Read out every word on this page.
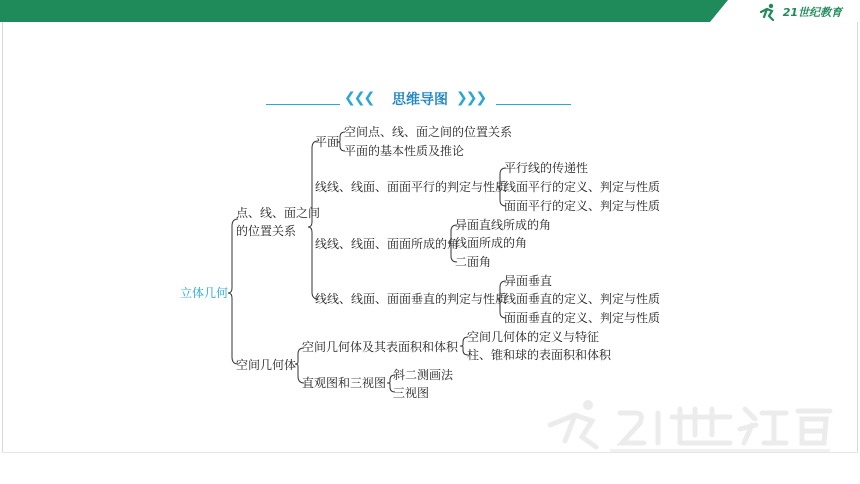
21世纪教育
❮❮❮	思维导图 ❯❯❯
立体几何
点、线、面之间
的位置关系
平面
空间点、线、面之间的位置关系
平面的基本性质及推论
线线、线面、面面平行的判定与性质
平行线的传递性
线面平行的定义、判定与性质
面面平行的定义、判定与性质
线线、线面、面面所成的角
异面直线所成的角
线面所成的角
二面角
线线、线面、面面垂直的判定与性质
异面垂直
线面垂直的定义、判定与性质
面面垂直的定义、判定与性质
空间几何体
空间几何体及其表面积和体积
空间几何体的定义与特征
柱、锥和球的表面积和体积
直观图和三视图
斜二测画法
三视图
